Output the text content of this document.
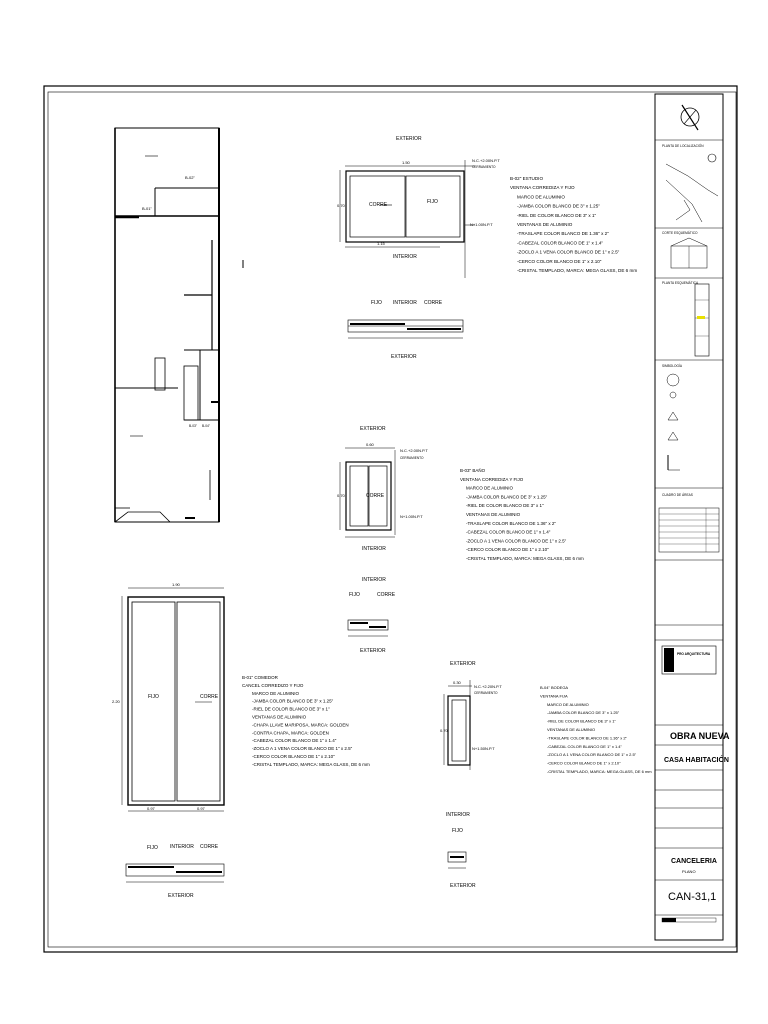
B-02"
B-01"
B-03" B-04"
EXTERIOR
1.50
0.70
1.15
CORRE	FIJO
N.C.+2.00N.P.T
CERRAMIENTO
N+1.00N.P.T
INTERIOR
FIJO INTERIOR CORRE
EXTERIOR
B-02" ESTUDIO
VENTANA CORREDIZA Y FIJO
MARCO DE ALUMINIO
-JAMBA COLOR BLANCO DE 3" x 1.25"
-RIEL DE COLOR BLANCO DE 3" x 1"
VENTANAS DE ALUMINIO
-TRASLAPE COLOR BLANCO DE 1.36" x 2"
-CABEZAL COLOR BLANCO DE 1" x 1.4"
-ZOCLO A 1 VENA COLOR BLANCO DE 1" x 2.5"
-CERCO COLOR BLANCO DE 1" x 2.10"
-CRISTAL TEMPLADO, MARCA: MEGA GLASS, DE 6 mm
EXTERIOR
0.60
0.70	CORRE
N.C.+2.00N.P.T
CERRAMIENTO
N+1.00N.P.T
INTERIOR
INTERIOR
FIJO	CORRE
EXTERIOR
B-03" BAÑO
VENTANA CORREDIZA Y FIJO
MARCO DE ALUMINIO
-JAMBA COLOR BLANCO DE 3" x 1.25"
-RIEL DE COLOR BLANCO DE 3" x 1"
VENTANAS DE ALUMINIO
-TRASLAPE COLOR BLANCO DE 1.36" x 2"
-CABEZAL COLOR BLANCO DE 1" x 1.4"
-ZOCLO A 1 VENA COLOR BLANCO DE 1" x 2.5"
-CERCO COLOR BLANCO DE 1" x 2.10"
-CRISTAL TEMPLADO, MARCA: MEGA GLASS, DE 6 mm
1.90
2.20
0.97	0.97
FIJO	CORRE
FIJO INTERIOR CORRE
EXTERIOR
B-01" COMEDOR
CANCEL CORREDIZO Y FIJO
MARCO DE ALUMINIO
-JAMBA COLOR BLANCO DE 3" x 1.25"
-RIEL DE COLOR BLANCO DE 3" x 1"
VENTANAS DE ALUMINIO
-CHAPA LLAVE MARIPOSA, MARCA: GOLDEN
-CONTRA CHAPA, MARCA: GOLDEN
-CABEZAL COLOR BLANCO DE 1" x 1.4"
-ZOCLO A 1 VENA COLOR BLANCO DE 1" x 2.5"
-CERCO COLOR BLANCO DE 1" x 2.10"
-CRISTAL TEMPLADO, MARCA: MEGA GLASS, DE 6 mm
EXTERIOR
0.30
0.70
N.C.+2.20N.P.T
CERRAMIENTO
N+1.50N.P.T
INTERIOR
FIJO
EXTERIOR
B-04" BODEGA
VENTANA FIJA
MARCO DE ALUMINIO
-JAMBA COLOR BLANCO DE 3" x 1.25"
-RIEL DE COLOR BLANCO DE 3" x 1"
VENTANAS DE ALUMINIO
-TRASLAPE COLOR BLANCO DE 1.36" x 2"
-CABEZAL COLOR BLANCO DE 1" x 1.4"
-ZOCLO A 1 VENA COLOR BLANCO DE 1" x 2.5"
-CERCO COLOR BLANCO DE 1" x 2.10"
-CRISTAL TEMPLADO, MARCA: MEGA GLASS, DE 6 mm
PLANTA DE LOCALIZACIÓN
CORTE ESQUEMÁTICO
PLANTA ESQUEMÁTICA
SIMBOLOGÍA
CUADRO DE ÁREAS
PRO ARQUITECTURA
OBRA NUEVA
CASA HABITACIÓN
CANCELERIA
PLANO
CAN-31,1
